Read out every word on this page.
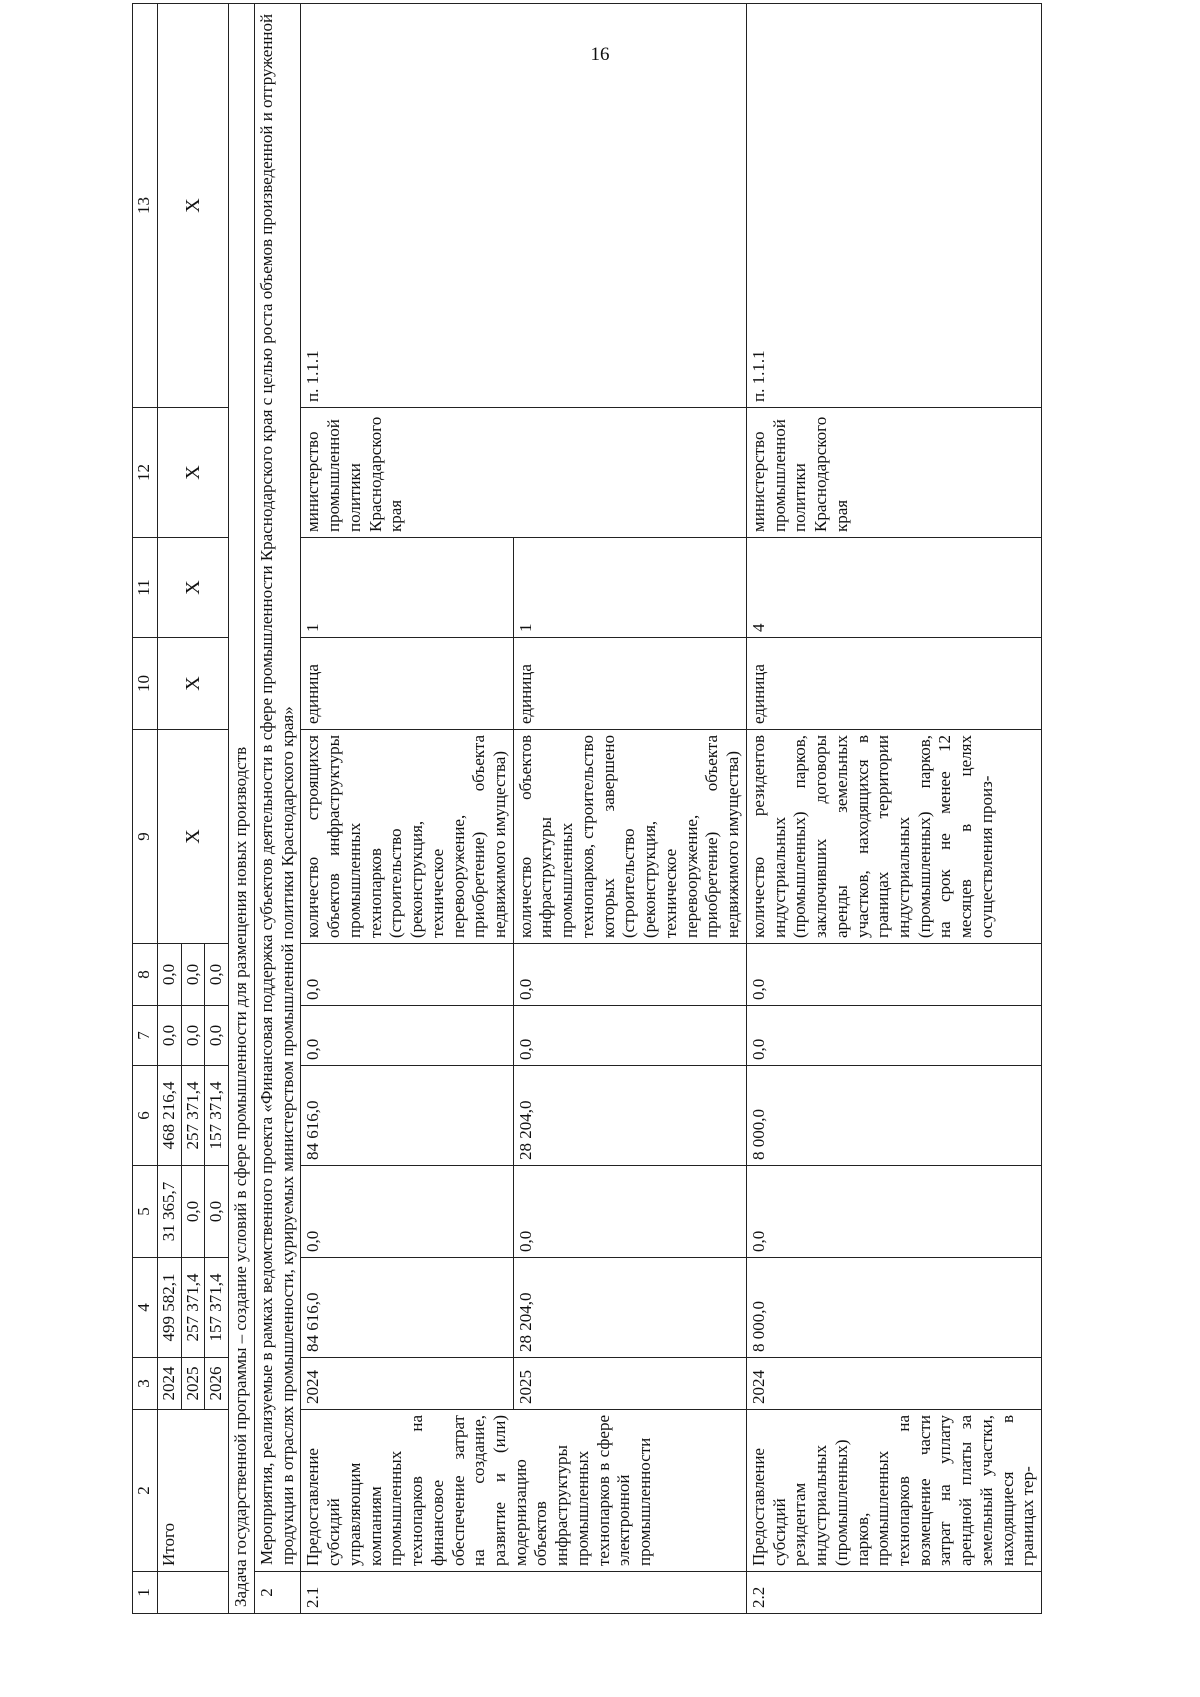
16
1	2	3	4	5	6	7	8	9	10	11	12	13
	Итого	2024	499 582,1	31 365,7	468 216,4	0,0	0,0	X	X	X	X	X
		2025	257 371,4	0,0	257 371,4	0,0	0,0					
		2026	157 371,4	0,0	157 371,4	0,0	0,0					
Задача государственной программы – создание условий в сфере промышленности для размещения новых производств												
2	Мероприятия, реализуемые в рамках ведомственного проекта «Финансовая поддержка субъектов деятельности в сфере промышленности Краснодарского края с целью роста объемов произведенной и отгруженной продукции в отраслях промышленности, курируемых министерством промышленной политики Краснодарского края»											
2.1	Предоставление субсидий управляющим компаниям промышленных технопарков на финансовое обеспечение затрат на создание, развитие и (или) модернизацию объектов инфраструктуры промышленных технопарков в сфере электронной промышленности	2024	84 616,0	0,0	84 616,0	0,0	0,0	количество строящихся объектов инфраструктуры промышленных технопарков (строительство (реконструкция, техническое перевооружение, приобретение) объекта недвижимого имущества)	единица	1	министерство промышленной политики Краснодарского края	п. 1.1.1
		2025	28 204,0	0,0	28 204,0	0,0	0,0	количество объектов инфраструктуры промышленных технопарков, строительство которых завершено (строительство (реконструкция, техническое перевооружение, приобретение) объекта недвижимого имущества)	единица	1		
2.2	Предоставление субсидий резидентам индустриальных (промышленных) парков, промышленных технопарков на возмещение части затрат на уплату арендной платы за земельный участки, находящиеся в границах тер-	2024	8 000,0	0,0	8 000,0	0,0	0,0	количество резидентов индустриальных (промышленных) парков, заключивших договоры аренды земельных участков, находящихся в границах территории индустриальных (промышленных) парков, на срок не менее 12 месяцев в целях осуществления произ-	единица	4	министерство промышленной политики Краснодарского края	п. 1.1.1
